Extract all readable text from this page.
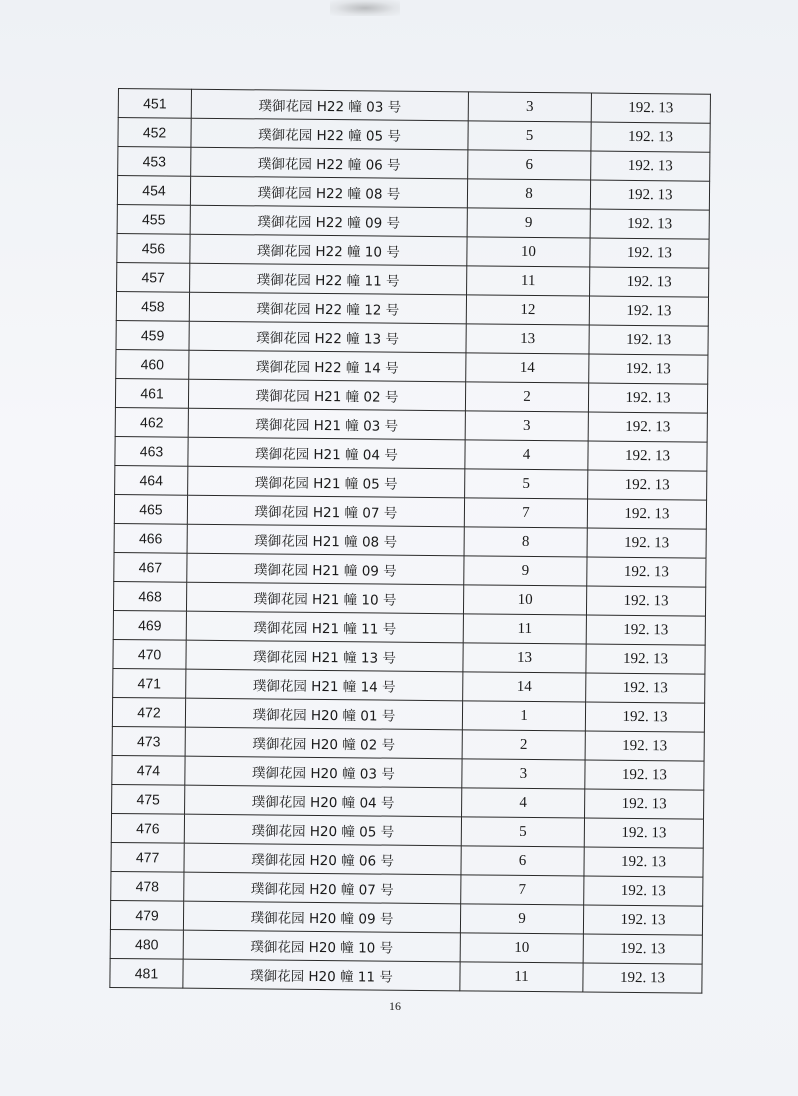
451	璞御花园 H22 幢 03 号	3	192. 13
452	璞御花园 H22 幢 05 号	5	192. 13
453	璞御花园 H22 幢 06 号	6	192. 13
454	璞御花园 H22 幢 08 号	8	192. 13
455	璞御花园 H22 幢 09 号	9	192. 13
456	璞御花园 H22 幢 10 号	10	192. 13
457	璞御花园 H22 幢 11 号	11	192. 13
458	璞御花园 H22 幢 12 号	12	192. 13
459	璞御花园 H22 幢 13 号	13	192. 13
460	璞御花园 H22 幢 14 号	14	192. 13
461	璞御花园 H21 幢 02 号	2	192. 13
462	璞御花园 H21 幢 03 号	3	192. 13
463	璞御花园 H21 幢 04 号	4	192. 13
464	璞御花园 H21 幢 05 号	5	192. 13
465	璞御花园 H21 幢 07 号	7	192. 13
466	璞御花园 H21 幢 08 号	8	192. 13
467	璞御花园 H21 幢 09 号	9	192. 13
468	璞御花园 H21 幢 10 号	10	192. 13
469	璞御花园 H21 幢 11 号	11	192. 13
470	璞御花园 H21 幢 13 号	13	192. 13
471	璞御花园 H21 幢 14 号	14	192. 13
472	璞御花园 H20 幢 01 号	1	192. 13
473	璞御花园 H20 幢 02 号	2	192. 13
474	璞御花园 H20 幢 03 号	3	192. 13
475	璞御花园 H20 幢 04 号	4	192. 13
476	璞御花园 H20 幢 05 号	5	192. 13
477	璞御花园 H20 幢 06 号	6	192. 13
478	璞御花园 H20 幢 07 号	7	192. 13
479	璞御花园 H20 幢 09 号	9	192. 13
480	璞御花园 H20 幢 10 号	10	192. 13
481	璞御花园 H20 幢 11 号	11	192. 13
16
